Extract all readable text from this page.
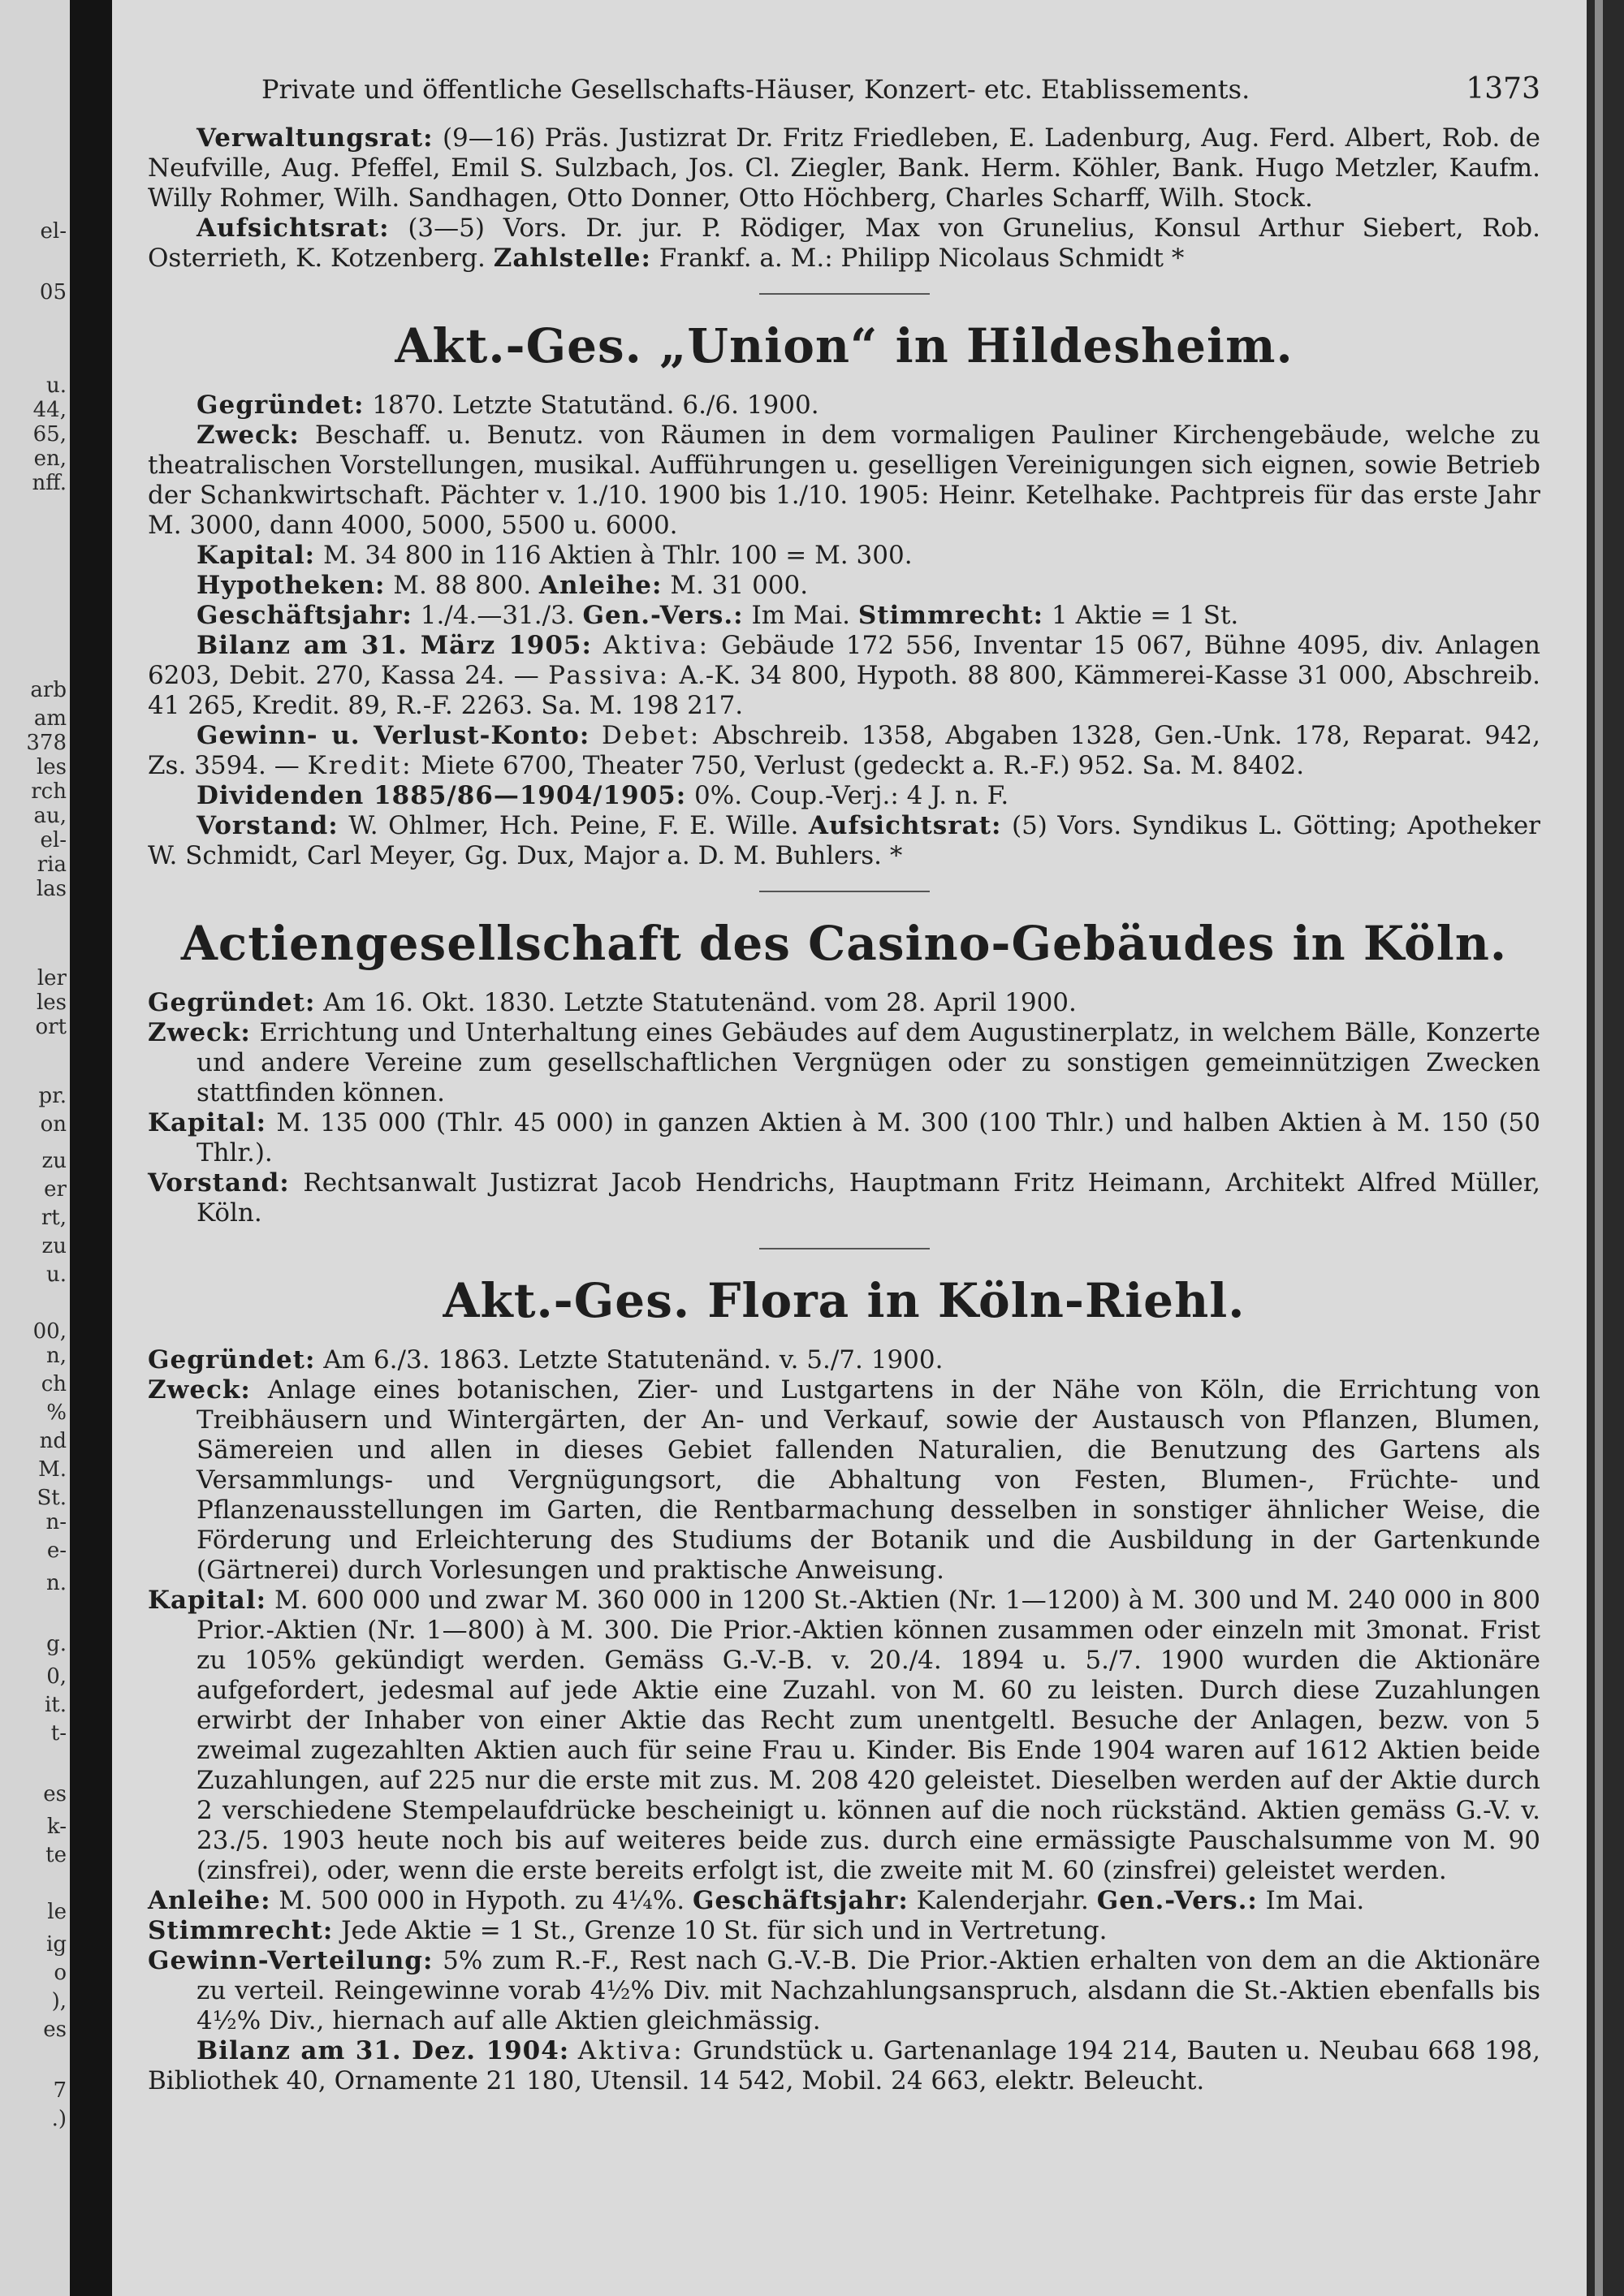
el-
05
u.
44,
65,
en,
nff.
arb
am
378
les
rch
au,
el-
ria
las
ler
les
ort
pr.
on
zu
er
rt,
zu
u.
00,
n,
ch
%
nd
M.
St.
n-
e-
n.
g.
0,
it.
t-
es
k-
te
le
ig
o
),
es
7
.)
Private und öffentliche Gesellschafts-Häuser, Konzert- etc. Etablissements.	1373

Verwaltungsrat: (9—16) Präs. Justizrat Dr. Fritz Friedleben, E. Ladenburg, Aug. Ferd. Albert, Rob. de Neufville, Aug. Pfeffel, Emil S. Sulzbach, Jos. Cl. Ziegler, Bank. Herm. Köhler, Bank. Hugo Metzler, Kaufm. Willy Rohmer, Wilh. Sandhagen, Otto Donner, Otto Höchberg, Charles Scharff, Wilh. Stock.

Aufsichtsrat: (3—5) Vors. Dr. jur. P. Rödiger, Max von Grunelius, Konsul Arthur Siebert, Rob. Osterrieth, K. Kotzenberg. Zahlstelle: Frankf. a. M.: Philipp Nicolaus Schmidt *

Akt.-Ges. „Union“ in Hildesheim.

Gegründet: 1870. Letzte Statutänd. 6./6. 1900.

Zweck: Beschaff. u. Benutz. von Räumen in dem vormaligen Pauliner Kirchengebäude, welche zu theatralischen Vorstellungen, musikal. Aufführungen u. geselligen Vereinigungen sich eignen, sowie Betrieb der Schankwirtschaft. Pächter v. 1./10. 1900 bis 1./10. 1905: Heinr. Ketelhake. Pachtpreis für das erste Jahr M. 3000, dann 4000, 5000, 5500 u. 6000.

Kapital: M. 34 800 in 116 Aktien à Thlr. 100 = M. 300.

Hypotheken: M. 88 800. Anleihe: M. 31 000.

Geschäftsjahr: 1./4.—31./3. Gen.-Vers.: Im Mai. Stimmrecht: 1 Aktie = 1 St.

Bilanz am 31. März 1905: Aktiva: Gebäude 172 556, Inventar 15 067, Bühne 4095, div. Anlagen 6203, Debit. 270, Kassa 24. — Passiva: A.-K. 34 800, Hypoth. 88 800, Kämmerei-Kasse 31 000, Abschreib. 41 265, Kredit. 89, R.-F. 2263. Sa. M. 198 217.

Gewinn- u. Verlust-Konto: Debet: Abschreib. 1358, Abgaben 1328, Gen.-Unk. 178, Reparat. 942, Zs. 3594. — Kredit: Miete 6700, Theater 750, Verlust (gedeckt a. R.-F.) 952. Sa. M. 8402.

Dividenden 1885/86—1904/1905: 0%. Coup.-Verj.: 4 J. n. F.

Vorstand: W. Ohlmer, Hch. Peine, F. E. Wille. Aufsichtsrat: (5) Vors. Syndikus L. Götting; Apotheker W. Schmidt, Carl Meyer, Gg. Dux, Major a. D. M. Buhlers. *

Actiengesellschaft des Casino-Gebäudes in Köln.

Gegründet: Am 16. Okt. 1830. Letzte Statutenänd. vom 28. April 1900.

Zweck: Errichtung und Unterhaltung eines Gebäudes auf dem Augustinerplatz, in welchem Bälle, Konzerte und andere Vereine zum gesellschaftlichen Vergnügen oder zu sonstigen gemeinnützigen Zwecken stattfinden können.

Kapital: M. 135 000 (Thlr. 45 000) in ganzen Aktien à M. 300 (100 Thlr.) und halben Aktien à M. 150 (50 Thlr.).

Vorstand: Rechtsanwalt Justizrat Jacob Hendrichs, Hauptmann Fritz Heimann, Architekt Alfred Müller, Köln.

Akt.-Ges. Flora in Köln-Riehl.

Gegründet: Am 6./3. 1863. Letzte Statutenänd. v. 5./7. 1900.

Zweck: Anlage eines botanischen, Zier- und Lustgartens in der Nähe von Köln, die Errichtung von Treibhäusern und Wintergärten, der An- und Verkauf, sowie der Austausch von Pflanzen, Blumen, Sämereien und allen in dieses Gebiet fallenden Naturalien, die Benutzung des Gartens als Versammlungs- und Vergnügungsort, die Abhaltung von Festen, Blumen-, Früchte- und Pflanzenausstellungen im Garten, die Rentbarmachung desselben in sonstiger ähnlicher Weise, die Förderung und Erleichterung des Studiums der Botanik und die Ausbildung in der Gartenkunde (Gärtnerei) durch Vorlesungen und praktische Anweisung.

Kapital: M. 600 000 und zwar M. 360 000 in 1200 St.-Aktien (Nr. 1—1200) à M. 300 und M. 240 000 in 800 Prior.-Aktien (Nr. 1—800) à M. 300. Die Prior.-Aktien können zusammen oder einzeln mit 3monat. Frist zu 105% gekündigt werden. Gemäss G.-V.-B. v. 20./4. 1894 u. 5./7. 1900 wurden die Aktionäre aufgefordert, jedesmal auf jede Aktie eine Zuzahl. von M. 60 zu leisten. Durch diese Zuzahlungen erwirbt der Inhaber von einer Aktie das Recht zum unentgeltl. Besuche der Anlagen, bezw. von 5 zweimal zugezahlten Aktien auch für seine Frau u. Kinder. Bis Ende 1904 waren auf 1612 Aktien beide Zuzahlungen, auf 225 nur die erste mit zus. M. 208 420 geleistet. Dieselben werden auf der Aktie durch 2 verschiedene Stempelaufdrücke bescheinigt u. können auf die noch rückständ. Aktien gemäss G.-V. v. 23./5. 1903 heute noch bis auf weiteres beide zus. durch eine ermässigte Pauschalsumme von M. 90 (zinsfrei), oder, wenn die erste bereits erfolgt ist, die zweite mit M. 60 (zinsfrei) geleistet werden.

Anleihe: M. 500 000 in Hypoth. zu 4¼%. Geschäftsjahr: Kalenderjahr. Gen.-Vers.: Im Mai.

Stimmrecht: Jede Aktie = 1 St., Grenze 10 St. für sich und in Vertretung.

Gewinn-Verteilung: 5% zum R.-F., Rest nach G.-V.-B. Die Prior.-Aktien erhalten von dem an die Aktionäre zu verteil. Reingewinne vorab 4½% Div. mit Nachzahlungsanspruch, alsdann die St.-Aktien ebenfalls bis 4½% Div., hiernach auf alle Aktien gleichmässig.

Bilanz am 31. Dez. 1904: Aktiva: Grundstück u. Gartenanlage 194 214, Bauten u. Neubau 668 198, Bibliothek 40, Ornamente 21 180, Utensil. 14 542, Mobil. 24 663, elektr. Beleucht.
